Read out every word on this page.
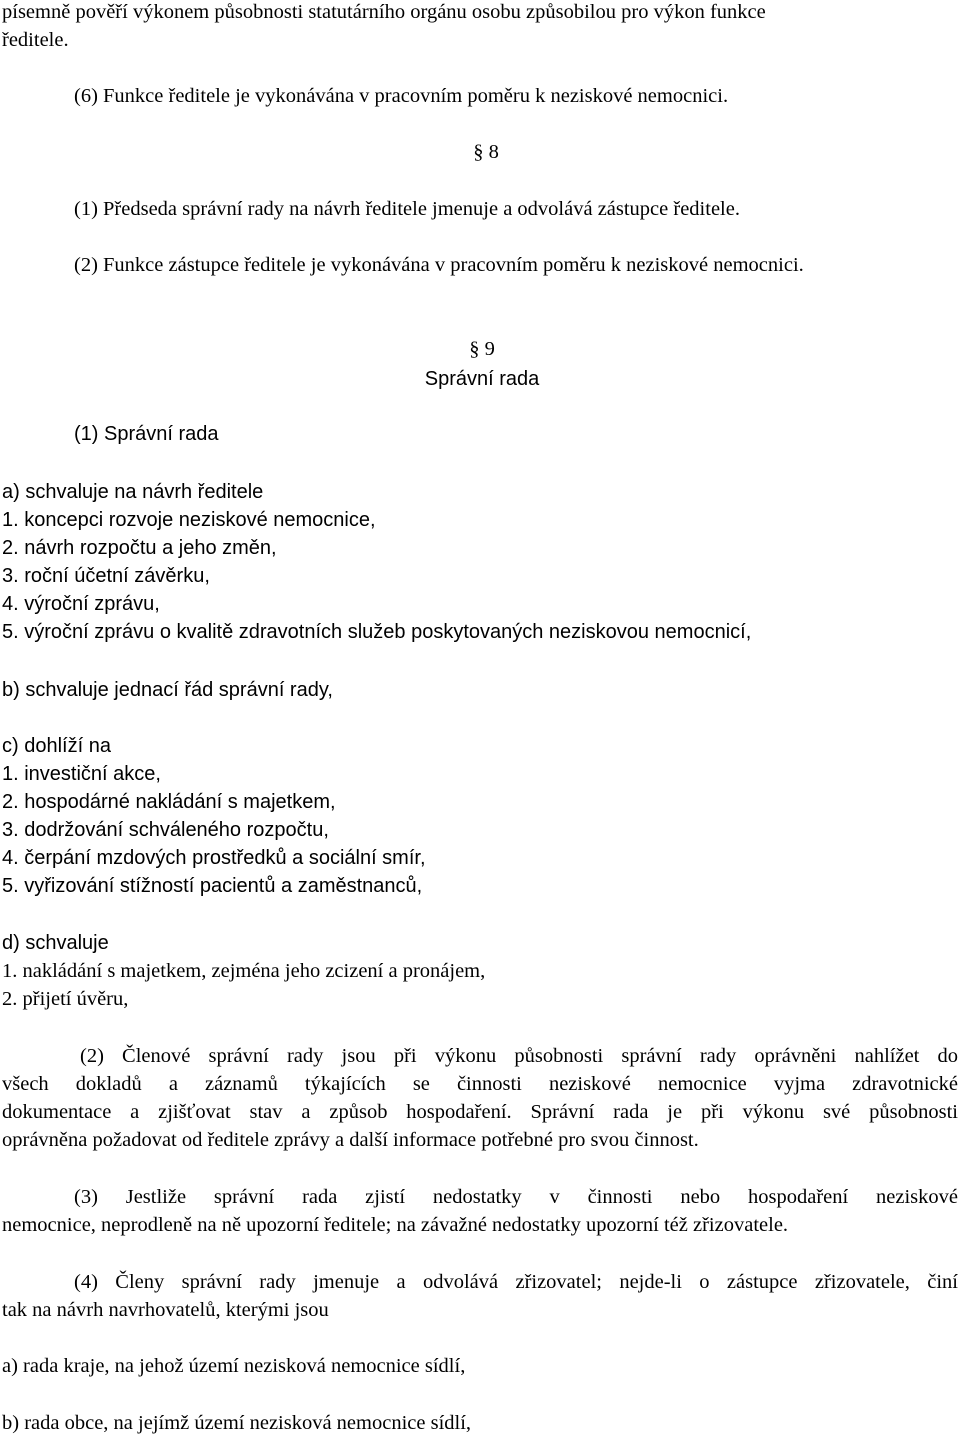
písemně pověří výkonem působnosti statutárního orgánu osobu způsobilou pro výkon funkce
ředitele.
(6) Funkce ředitele je vykonávána v pracovním poměru k neziskové nemocnici.
§ 8
(1) Předseda správní rady na návrh ředitele jmenuje a odvolává zástupce ředitele.
(2) Funkce zástupce ředitele je vykonávána v pracovním poměru k neziskové nemocnici.
§ 9
Správní rada
(1) Správní rada
a) schvaluje na návrh ředitele
1. koncepci rozvoje neziskové nemocnice,
2. návrh rozpočtu a jeho změn,
3. roční účetní závěrku,
4. výroční zprávu,
5. výroční zprávu o kvalitě zdravotních služeb poskytovaných neziskovou nemocnicí,
b) schvaluje jednací řád správní rady,
c) dohlíží na
1. investiční akce,
2. hospodárné nakládání s majetkem,
3. dodržování schváleného rozpočtu,
4. čerpání mzdových prostředků a sociální smír,
5. vyřizování stížností pacientů a zaměstnanců,
d) schvaluje
1. nakládání s majetkem, zejména jeho zcizení a pronájem,
2. přijetí úvěru,
(2) Členové správní rady jsou při výkonu působnosti správní rady oprávněni nahlížet do
všech dokladů a záznamů týkajících se činnosti neziskové nemocnice vyjma zdravotnické
dokumentace a zjišťovat stav a způsob hospodaření. Správní rada je při výkonu své působnosti
oprávněna požadovat od ředitele zprávy a další informace potřebné pro svou činnost.
(3) Jestliže správní rada zjistí nedostatky v činnosti nebo hospodaření neziskové
nemocnice, neprodleně na ně upozorní ředitele; na závažné nedostatky upozorní též zřizovatele.
(4) Členy správní rady jmenuje a odvolává zřizovatel; nejde-li o zástupce zřizovatele, činí
tak na návrh navrhovatelů, kterými jsou
a) rada kraje, na jehož území nezisková nemocnice sídlí,
b) rada obce, na jejímž území nezisková nemocnice sídlí,
